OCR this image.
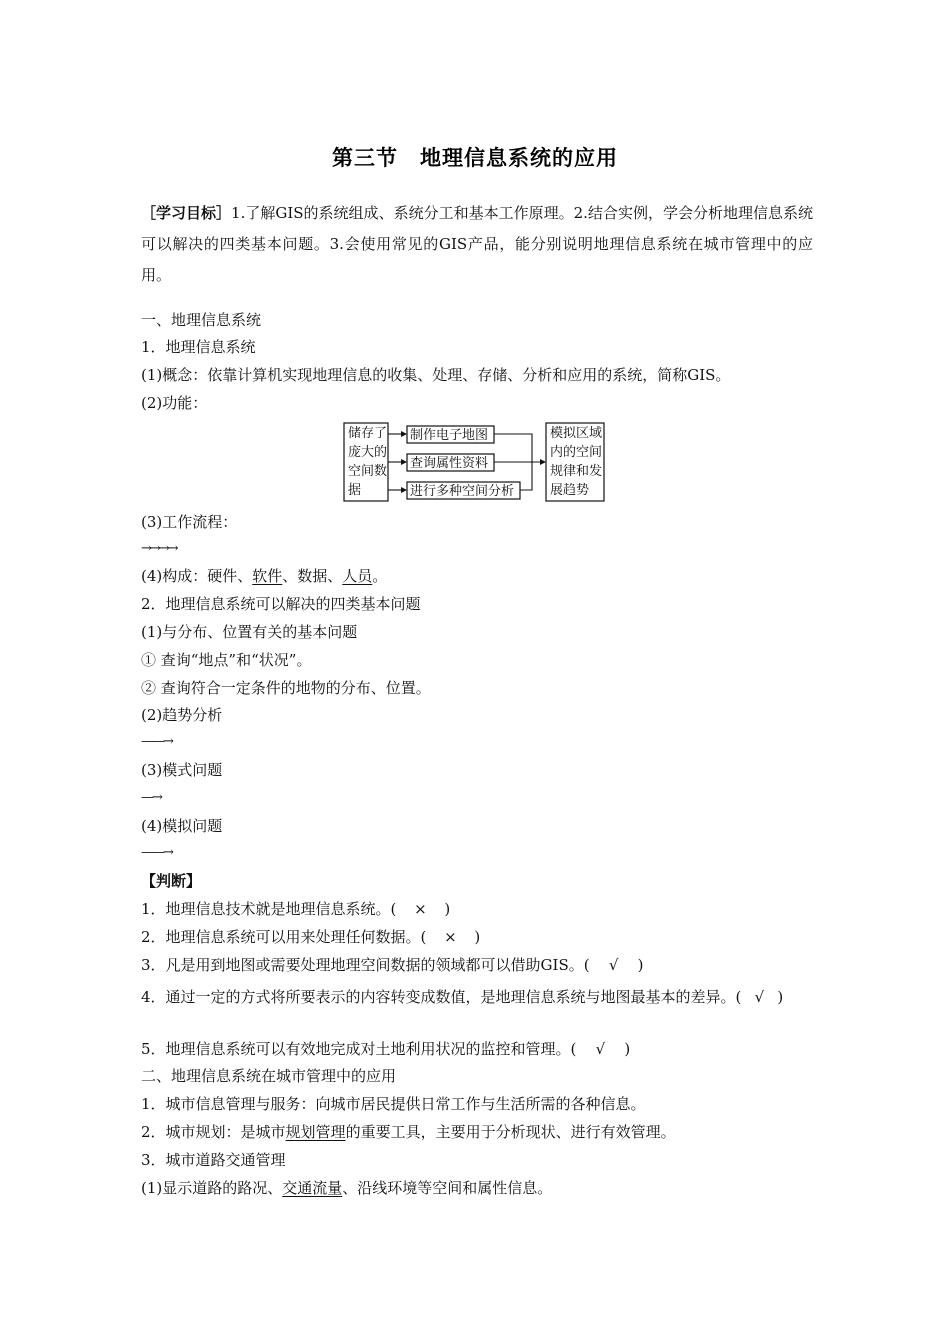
第三节　地理信息系统的应用
［学习目标］1.了解GIS的系统组成、系统分工和基本工作原理。2.结合实例，学会分析地理信息系统可以解决的四类基本问题。3.会使用常见的GIS产品，能分别说明地理信息系统在城市管理中的应用。
一、地理信息系统
1．地理信息系统
(1)概念：依靠计算机实现地理信息的收集、处理、存储、分析和应用的系统，简称GIS。
(2)功能：
储存了
庞大的
空间数
据
制作电子地图
查询属性资料
进行多种空间分析
模拟区域
内的空间
规律和发
展趋势
(3)工作流程：
→→→→
(4)构成：硬件、软件、数据、人员。
2．地理信息系统可以解决的四类基本问题
(1)与分布、位置有关的基本问题
① 查询“地点”和“状况”。
② 查询符合一定条件的地物的分布、位置。
(2)趋势分析
——→
(3)模式问题
—→
(4)模拟问题
——→
【判断】
1．地理信息技术就是地理信息系统。( × )
2．地理信息系统可以用来处理任何数据。( × )
3．凡是用到地图或需要处理地理空间数据的领域都可以借助GIS。( √ )
4．通过一定的方式将所要表示的内容转变成数值，是地理信息系统与地图最基本的差异。( √ )
5．地理信息系统可以有效地完成对土地利用状况的监控和管理。( √ )
二、地理信息系统在城市管理中的应用
1．城市信息管理与服务：向城市居民提供日常工作与生活所需的各种信息。
2．城市规划：是城市规划管理的重要工具，主要用于分析现状、进行有效管理。
3．城市道路交通管理
(1)显示道路的路况、交通流量、沿线环境等空间和属性信息。
